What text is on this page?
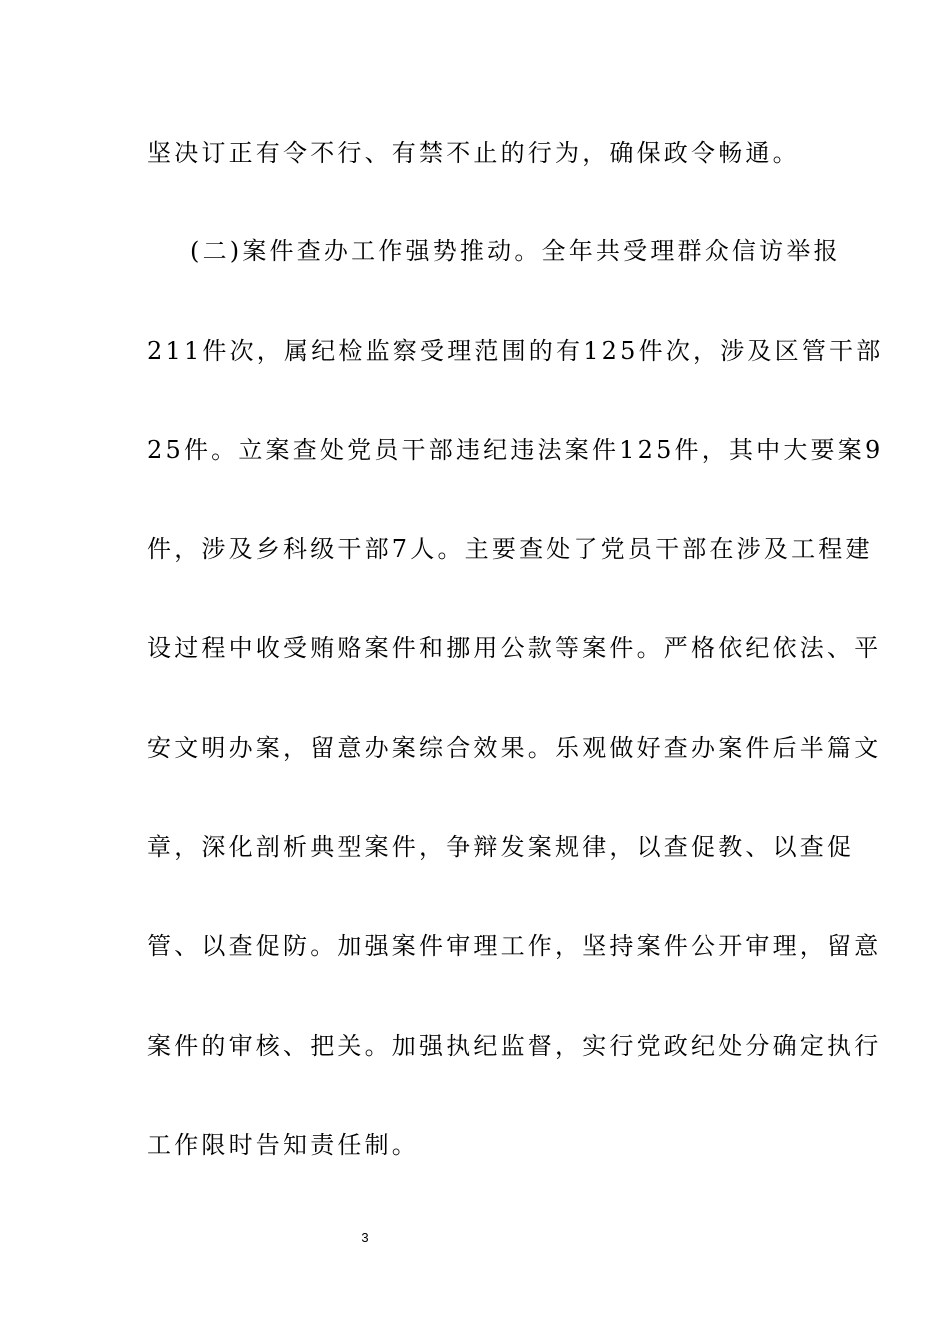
坚决订正有令不行、有禁不止的行为，确保政令畅通。
(二)案件查办工作强势推动。全年共受理群众信访举报
211件次，属纪检监察受理范围的有125件次，涉及区管干部
25件。立案查处党员干部违纪违法案件125件，其中大要案9
件，涉及乡科级干部7人。主要查处了党员干部在涉及工程建
设过程中收受贿赂案件和挪用公款等案件。严格依纪依法、平
安文明办案，留意办案综合效果。乐观做好查办案件后半篇文
章，深化剖析典型案件，争辩发案规律，以查促教、以查促
管、以查促防。加强案件审理工作，坚持案件公开审理，留意
案件的审核、把关。加强执纪监督，实行党政纪处分确定执行
工作限时告知责任制。
3
